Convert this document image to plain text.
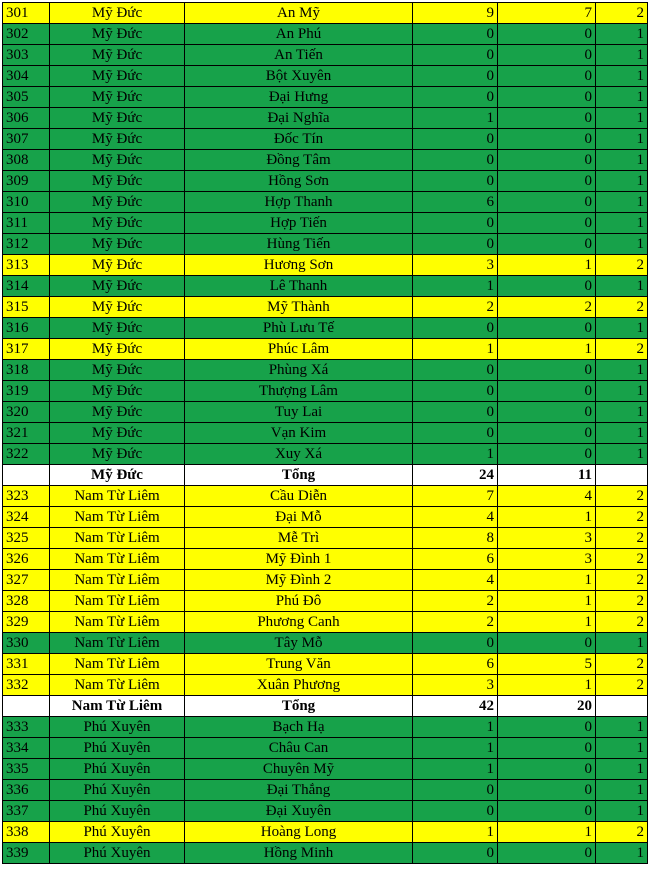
301	Mỹ Đức	An Mỹ	9	7	2
302	Mỹ Đức	An Phú	0	0	1
303	Mỹ Đức	An Tiến	0	0	1
304	Mỹ Đức	Bột Xuyên	0	0	1
305	Mỹ Đức	Đại Hưng	0	0	1
306	Mỹ Đức	Đại Nghĩa	1	0	1
307	Mỹ Đức	Đốc Tín	0	0	1
308	Mỹ Đức	Đồng Tâm	0	0	1
309	Mỹ Đức	Hồng Sơn	0	0	1
310	Mỹ Đức	Hợp Thanh	6	0	1
311	Mỹ Đức	Hợp Tiến	0	0	1
312	Mỹ Đức	Hùng Tiến	0	0	1
313	Mỹ Đức	Hương Sơn	3	1	2
314	Mỹ Đức	Lê Thanh	1	0	1
315	Mỹ Đức	Mỹ Thành	2	2	2
316	Mỹ Đức	Phù Lưu Tế	0	0	1
317	Mỹ Đức	Phúc Lâm	1	1	2
318	Mỹ Đức	Phùng Xá	0	0	1
319	Mỹ Đức	Thượng Lâm	0	0	1
320	Mỹ Đức	Tuy Lai	0	0	1
321	Mỹ Đức	Vạn Kim	0	0	1
322	Mỹ Đức	Xuy Xá	1	0	1
	Mỹ Đức	Tổng	24	11	
323	Nam Từ Liêm	Cầu Diễn	7	4	2
324	Nam Từ Liêm	Đại Mỗ	4	1	2
325	Nam Từ Liêm	Mễ Trì	8	3	2
326	Nam Từ Liêm	Mỹ Đình 1	6	3	2
327	Nam Từ Liêm	Mỹ Đình 2	4	1	2
328	Nam Từ Liêm	Phú Đô	2	1	2
329	Nam Từ Liêm	Phương Canh	2	1	2
330	Nam Từ Liêm	Tây Mỗ	0	0	1
331	Nam Từ Liêm	Trung Văn	6	5	2
332	Nam Từ Liêm	Xuân Phương	3	1	2
	Nam Từ Liêm	Tổng	42	20	
333	Phú Xuyên	Bạch Hạ	1	0	1
334	Phú Xuyên	Châu Can	1	0	1
335	Phú Xuyên	Chuyên Mỹ	1	0	1
336	Phú Xuyên	Đại Thắng	0	0	1
337	Phú Xuyên	Đại Xuyên	0	0	1
338	Phú Xuyên	Hoàng Long	1	1	2
339	Phú Xuyên	Hồng Minh	0	0	1
